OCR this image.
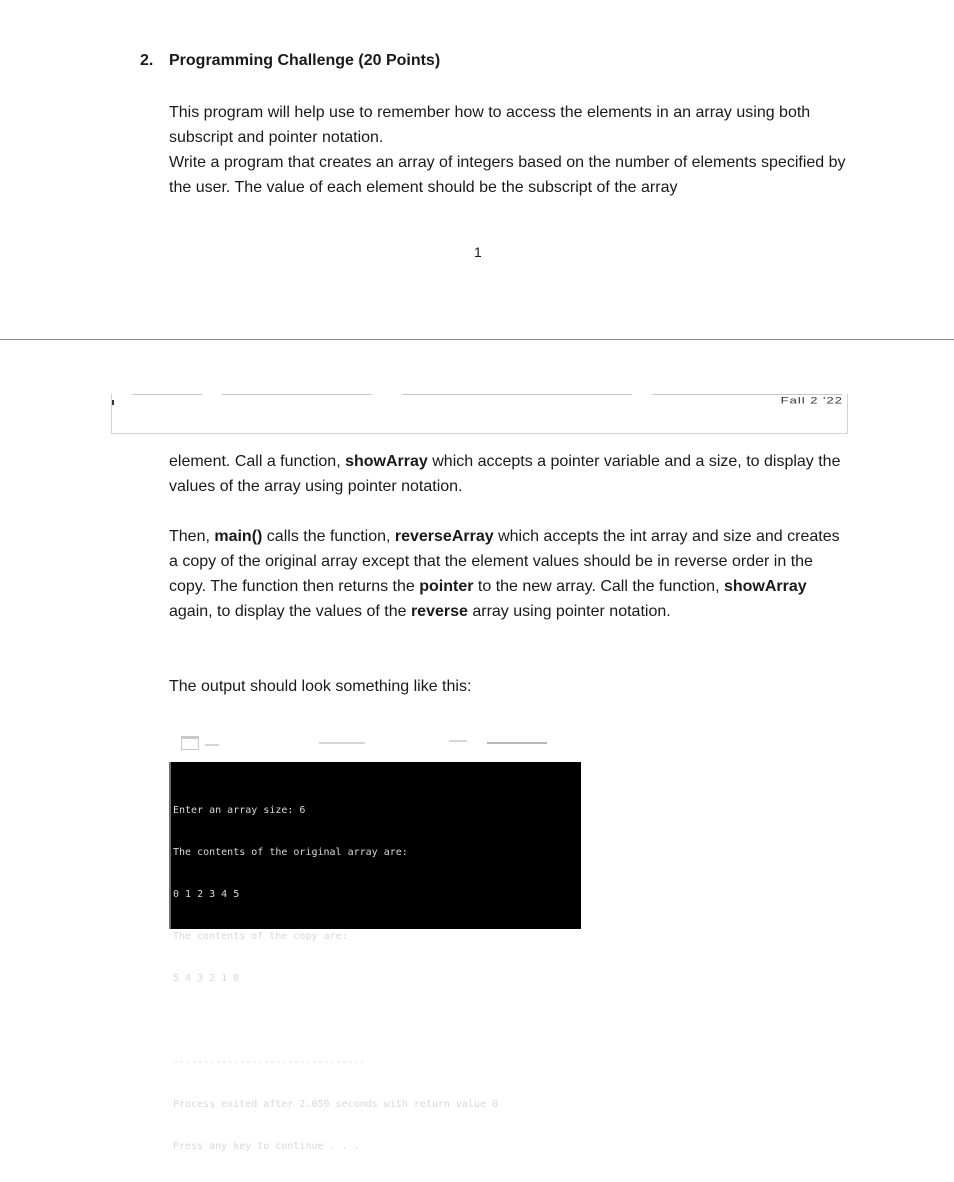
2. Programming Challenge (20 Points)

This program will help use to remember how to access the elements in an array using both subscript and pointer notation.

Write a program that creates an array of integers based on the number of elements specified by the user. The value of each element should be the subscript of the array

1
Fall 2 '22

element. Call a function, showArray which accepts a pointer variable and a size, to display the values of the array using pointer notation.

Then, main() calls the function, reverseArray which accepts the int array and size and creates a copy of the original array except that the element values should be in reverse order in the copy. The function then returns the pointer to the new array. Call the function, showArray again, to display the values of the reverse array using pointer notation.

The output should look something like this:

Enter an array size: 6

The contents of the original array are:

0 1 2 3 4 5

The contents of the copy are:

5 4 3 2 1 0

--------------------------------

Process exited after 2.059 seconds with return value 0

Press any key to continue . . .
